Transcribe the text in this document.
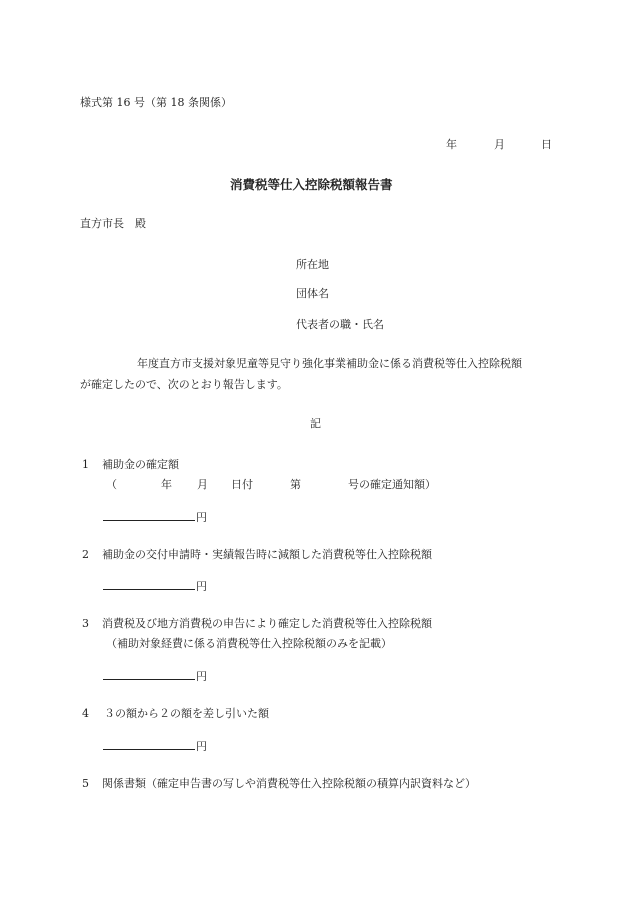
様式第 16 号（第 18 条関係）
年	月	日
消費税等仕入控除税額報告書
直方市長　殿
所在地
団体名
代表者の職・氏名
年度直方市支援対象児童等見守り強化事業補助金に係る消費税等仕入控除税額
が確定したので、次のとおり報告します。
記
1 補助金の確定額
（	年 月 日付	第	号の確定通知額）
円
2 補助金の交付申請時・実績報告時に減額した消費税等仕入控除税額
円
3 消費税及び地方消費税の申告により確定した消費税等仕入控除税額
（補助対象経費に係る消費税等仕入控除税額のみを記載）
円
4 ３の額から２の額を差し引いた額
円
5 関係書類（確定申告書の写しや消費税等仕入控除税額の積算内訳資料など）
